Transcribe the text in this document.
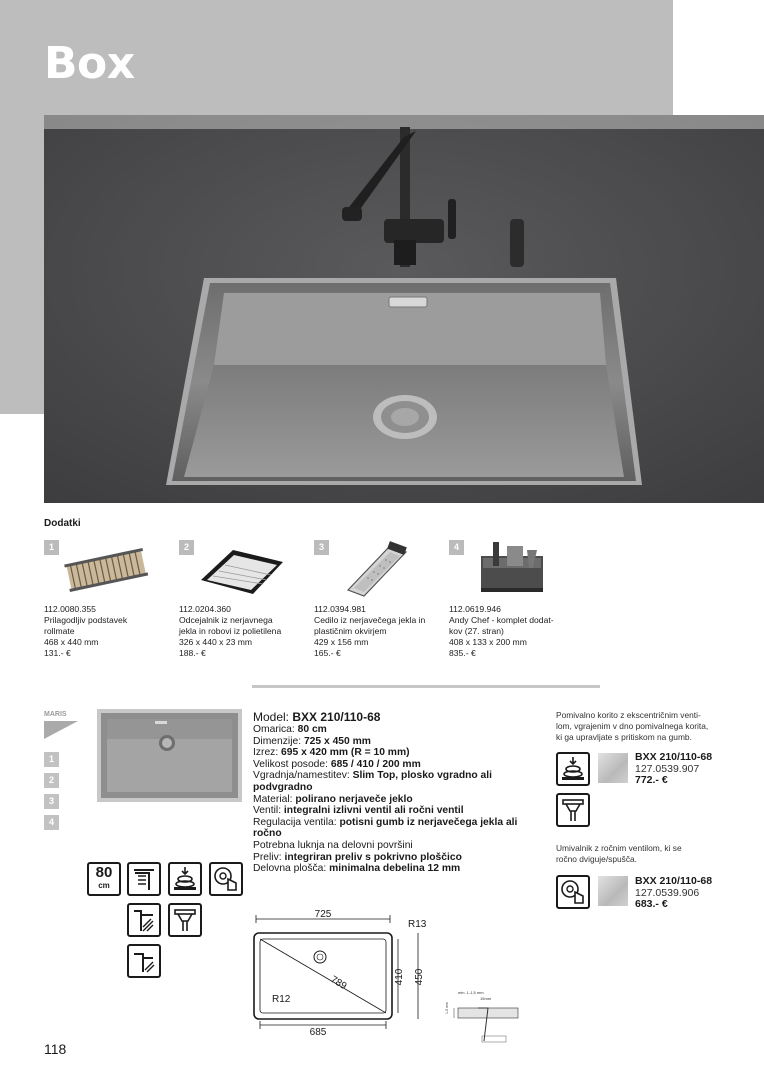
Box
Dodatki
1
112.0080.355
Prilagodljiv podstavek
rollmate
468 x 440 mm
131.- €
2
112.0204.360
Odcejalnik iz nerjavnega
jekla in robovi iz polietilena
326 x 440 x 23 mm
188.- €
3
112.0394.981
Cedilo iz nerjavečega jekla in
plastičnim okvirjem
429 x 156 mm
165.- €
4
112.0619.946
Andy Chef - komplet dodat-
kov (27. stran)
408 x 133 x 200 mm
835.- €
MARIS
1
2
3
4
Model: BXX 210/110-68
Omarica: 80 cm
Dimenzije: 725 x 450 mm
Izrez: 695 x 420 mm (R = 10 mm)
Velikost posode: 685 / 410 / 200 mm
Vgradnja/namestitev: Slim Top, plosko vgradno ali podvgradno
Material: polirano nerjaveče jeklo
Ventil: integralni izlivni ventil ali ročni ventil
Regulacija ventila: potisni gumb iz nerjavečega jekla ali ročno
Potrebna luknja na delovni površini
Preliv: integriran preliv s pokrivno ploščico
Delovna plošča: minimalna debelina 12 mm
80
cm
725
R13
789
R12
410 450
685
min. 1-1,5 mm
15mm
1-5 mm
Pomivalno korito z ekscentričnim venti-
lom, vgrajenim v dno pomivalnega korita,
ki ga upravljate s pritiskom na gumb.
BXX 210/110-68
127.0539.907
772.- €
Umivalnik z ročnim ventilom, ki se
ročno dviguje/spušča.
BXX 210/110-68
127.0539.906
683.- €
118
